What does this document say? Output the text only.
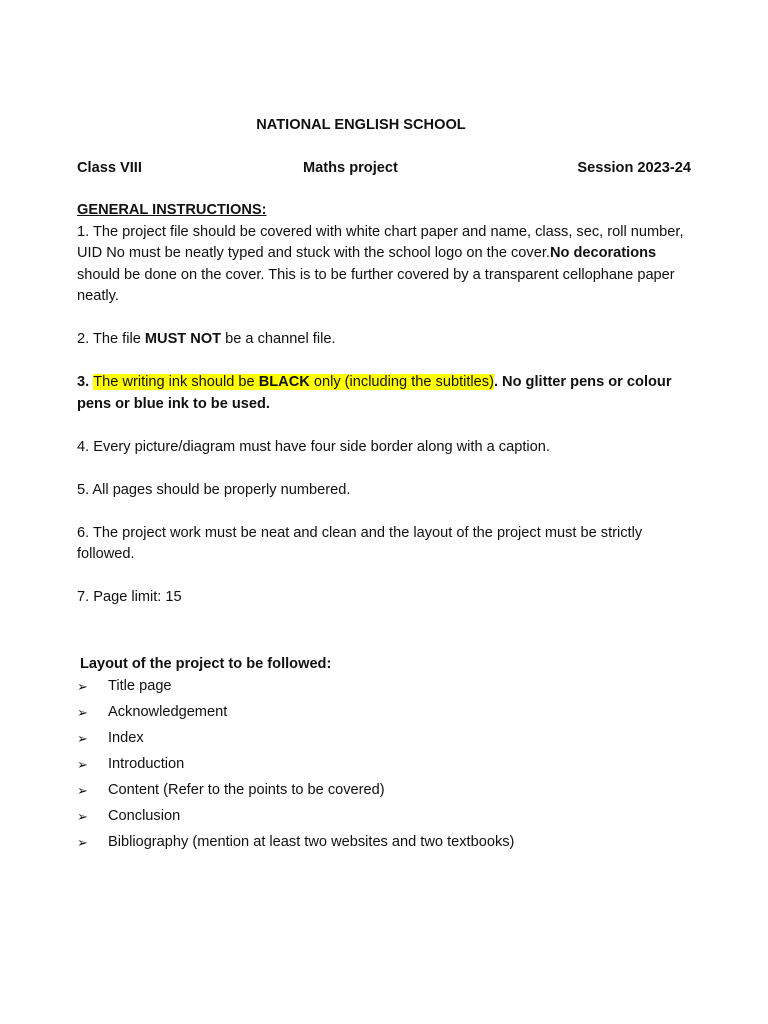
NATIONAL ENGLISH SCHOOL
Class VIII	Maths project	Session 2023-24
GENERAL INSTRUCTIONS:

1. The project file should be covered with white chart paper and name, class, sec, roll number, UID No must be neatly typed and stuck with the school logo on the cover.No decorations should be done on the cover. This is to be further covered by a transparent cellophane paper neatly.

2. The file MUST NOT be a channel file.

3. The writing ink should be BLACK only (including the subtitles). No glitter pens or colour pens or blue ink to be used.

4. Every picture/diagram must have four side border along with a caption.

5. All pages should be properly numbered.

6. The project work must be neat and clean and the layout of the project must be strictly followed.

7. Page limit: 15

Layout of the project to be followed:
➢ Title page
➢ Acknowledgement
➢ Index
➢ Introduction
➢ Content (Refer to the points to be covered)
➢ Conclusion
➢ Bibliography (mention at least two websites and two textbooks)
